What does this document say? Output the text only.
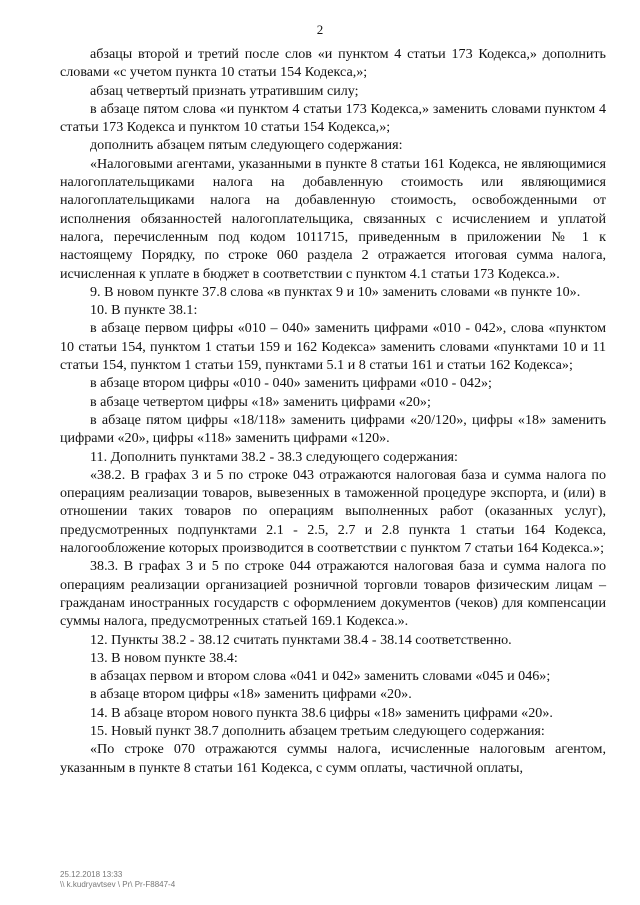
2

абзацы второй и третий после слов «и пунктом 4 статьи 173 Кодекса,» дополнить словами «с учетом пункта 10 статьи 154 Кодекса,»;

абзац четвертый признать утратившим силу;

в абзаце пятом слова «и пунктом 4 статьи 173 Кодекса,» заменить словами пунктом 4 статьи 173 Кодекса и пунктом 10 статьи 154 Кодекса,»;

дополнить абзацем пятым следующего содержания:

«Налоговыми агентами, указанными в пункте 8 статьи 161 Кодекса, не являющимися налогоплательщиками налога на добавленную стоимость или являющимися налогоплательщиками налога на добавленную стоимость, освобожденными от исполнения обязанностей налогоплательщика, связанных с исчислением и уплатой налога, перечисленным под кодом 1011715, приведенным в приложении № 1 к настоящему Порядку, по строке 060 раздела 2 отражается итоговая сумма налога, исчисленная к уплате в бюджет в соответствии с пунктом 4.1 статьи 173 Кодекса.».

9. В новом пункте 37.8 слова «в пунктах 9 и 10» заменить словами «в пункте 10».

10. В пункте 38.1:

в абзаце первом цифры «010 – 040» заменить цифрами «010 - 042», слова «пунктом 10 статьи 154, пунктом 1 статьи 159 и 162 Кодекса» заменить словами «пунктами 10 и 11 статьи 154, пунктом 1 статьи 159, пунктами 5.1 и 8 статьи 161 и статьи 162 Кодекса»;

в абзаце втором цифры «010 - 040» заменить цифрами «010 - 042»;

в абзаце четвертом цифры «18» заменить цифрами «20»;

в абзаце пятом цифры «18/118» заменить цифрами «20/120», цифры «18» заменить цифрами «20», цифры «118» заменить цифрами «120».

11. Дополнить пунктами 38.2 - 38.3 следующего содержания:

«38.2. В графах 3 и 5 по строке 043 отражаются налоговая база и сумма налога по операциям реализации товаров, вывезенных в таможенной процедуре экспорта, и (или) в отношении таких товаров по операциям выполненных работ (оказанных услуг), предусмотренных подпунктами 2.1 - 2.5, 2.7 и 2.8 пункта 1 статьи 164 Кодекса, налогообложение которых производится в соответствии с пунктом 7 статьи 164 Кодекса.»;

38.3. В графах 3 и 5 по строке 044 отражаются налоговая база и сумма налога по операциям реализации организацией розничной торговли товаров физическим лицам – гражданам иностранных государств с оформлением документов (чеков) для компенсации суммы налога, предусмотренных статьей 169.1 Кодекса.».

12. Пункты 38.2 - 38.12 считать пунктами 38.4 - 38.14 соответственно.

13. В новом пункте 38.4:

в абзацах первом и втором слова «041 и 042» заменить словами «045 и 046»;

в абзаце втором цифры «18» заменить цифрами «20».

14. В абзаце втором нового пункта 38.6 цифры «18» заменить цифрами «20».

15. Новый пункт 38.7 дополнить абзацем третьим следующего содержания:

«По строке 070 отражаются суммы налога, исчисленные налоговым агентом, указанным в пункте 8 статьи 161 Кодекса, с сумм оплаты, частичной оплаты,

25.12.2018 13:33
\\ k.kudryavtsev \ Pr\ Pr-F8847-4
